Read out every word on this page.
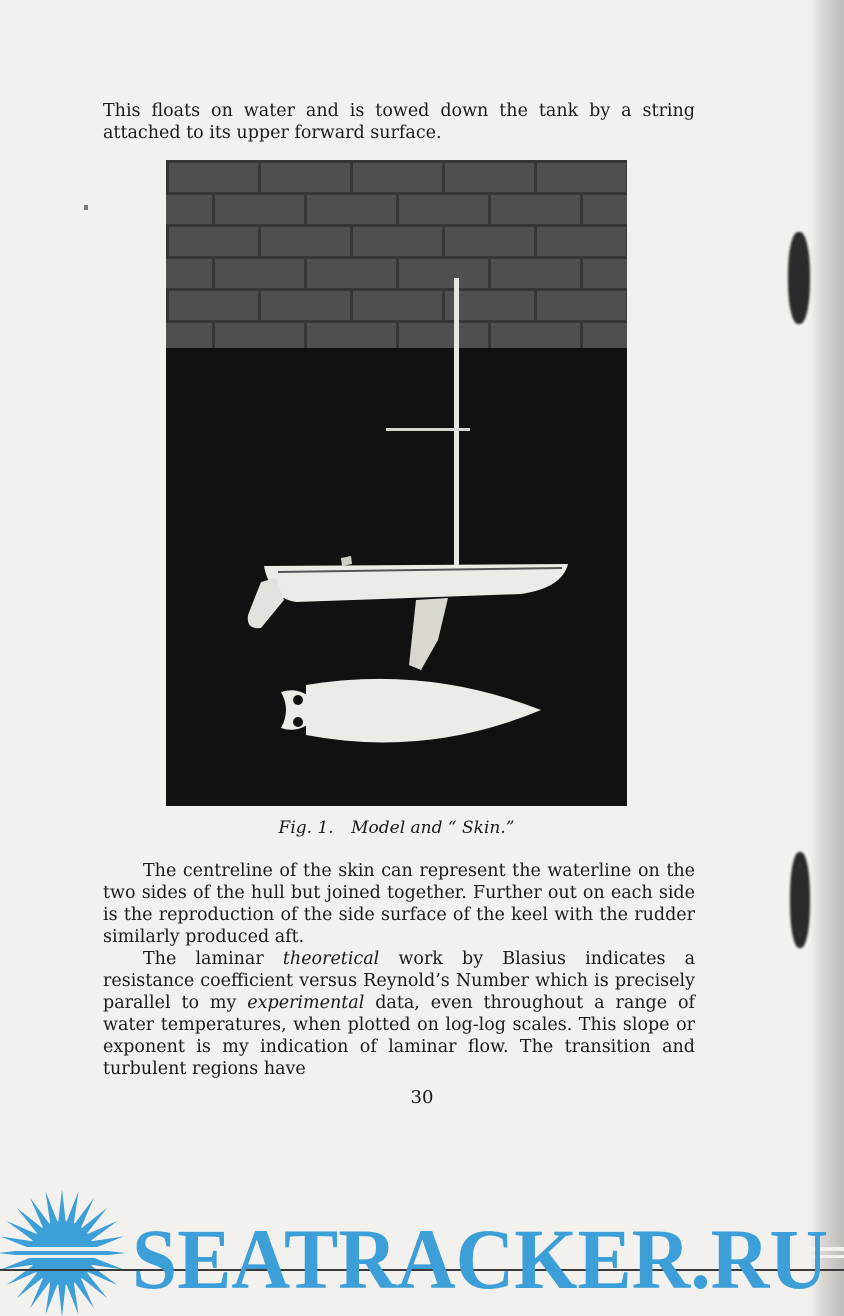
This floats on water and is towed down the tank by a string attached to its upper forward surface.

Fig. 1. Model and “ Skin.”

The centreline of the skin can represent the waterline on the two sides of the hull but joined together. Further out on each side is the reproduction of the side surface of the keel with the rudder similarly produced aft.

The laminar theoretical work by Blasius indicates a resistance coefficient versus Reynold’s Number which is precisely parallel to my experimental data, even throughout a range of water temperatures, when plotted on log-log scales. This slope or exponent is my indication of laminar flow. The transition and turbulent regions have

30
SEATRACKER.RU
